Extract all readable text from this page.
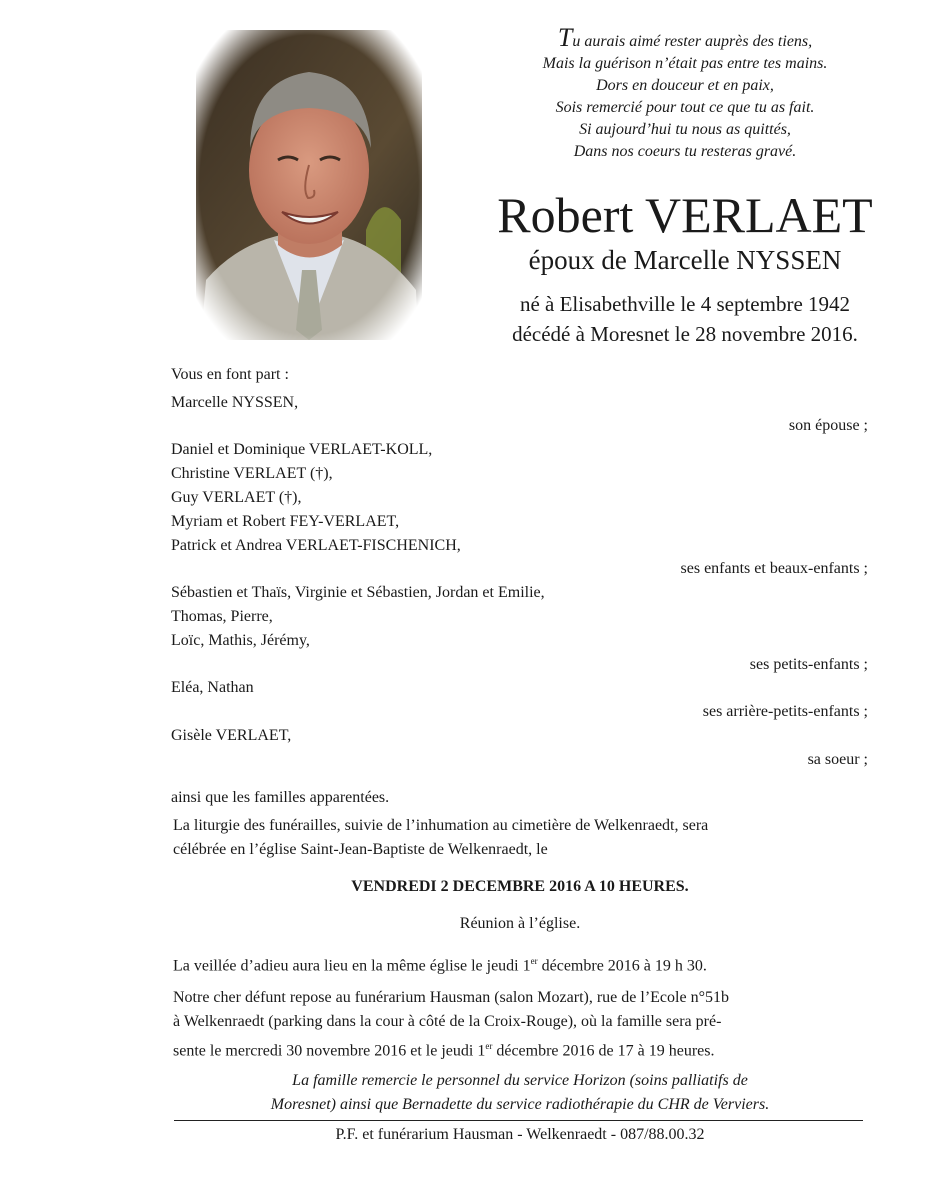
Tu aurais aimé rester auprès des tiens,
Mais la guérison n’était pas entre tes mains.
Dors en douceur et en paix,
Sois remercié pour tout ce que tu as fait.
Si aujourd’hui tu nous as quittés,
Dans nos coeurs tu resteras gravé.
Robert VERLAET
époux de Marcelle NYSSEN
né à Elisabethville le 4 septembre 1942
décédé à Moresnet le 28 novembre 2016.
Vous en font part :
Marcelle NYSSEN,
son épouse ;
Daniel et Dominique VERLAET-KOLL,
Christine VERLAET (†),
Guy VERLAET (†),
Myriam et Robert FEY-VERLAET,
Patrick et Andrea VERLAET-FISCHENICH,
ses enfants et beaux-enfants ;
Sébastien et Thaïs, Virginie et Sébastien, Jordan et Emilie,
Thomas, Pierre,
Loïc, Mathis, Jérémy,
ses petits-enfants ;
Eléa, Nathan
ses arrière-petits-enfants ;
Gisèle VERLAET,
sa soeur ;
ainsi que les familles apparentées.
La liturgie des funérailles, suivie de l’inhumation au cimetière de Welkenraedt, sera
célébrée en l’église Saint-Jean-Baptiste de Welkenraedt, le
VENDREDI 2 DECEMBRE 2016 A 10 HEURES.
Réunion à l’église.
La veillée d’adieu aura lieu en la même église le jeudi 1er décembre 2016 à 19 h 30.
Notre cher défunt repose au funérarium Hausman (salon Mozart), rue de l’Ecole n°51b
à Welkenraedt (parking dans la cour à côté de la Croix-Rouge), où la famille sera pré-
sente le mercredi 30 novembre 2016 et le jeudi 1er décembre 2016 de 17 à 19 heures.
La famille remercie le personnel du service Horizon (soins palliatifs de
Moresnet) ainsi que Bernadette du service radiothérapie du CHR de Verviers.
P.F. et funérarium Hausman - Welkenraedt - 087/88.00.32
